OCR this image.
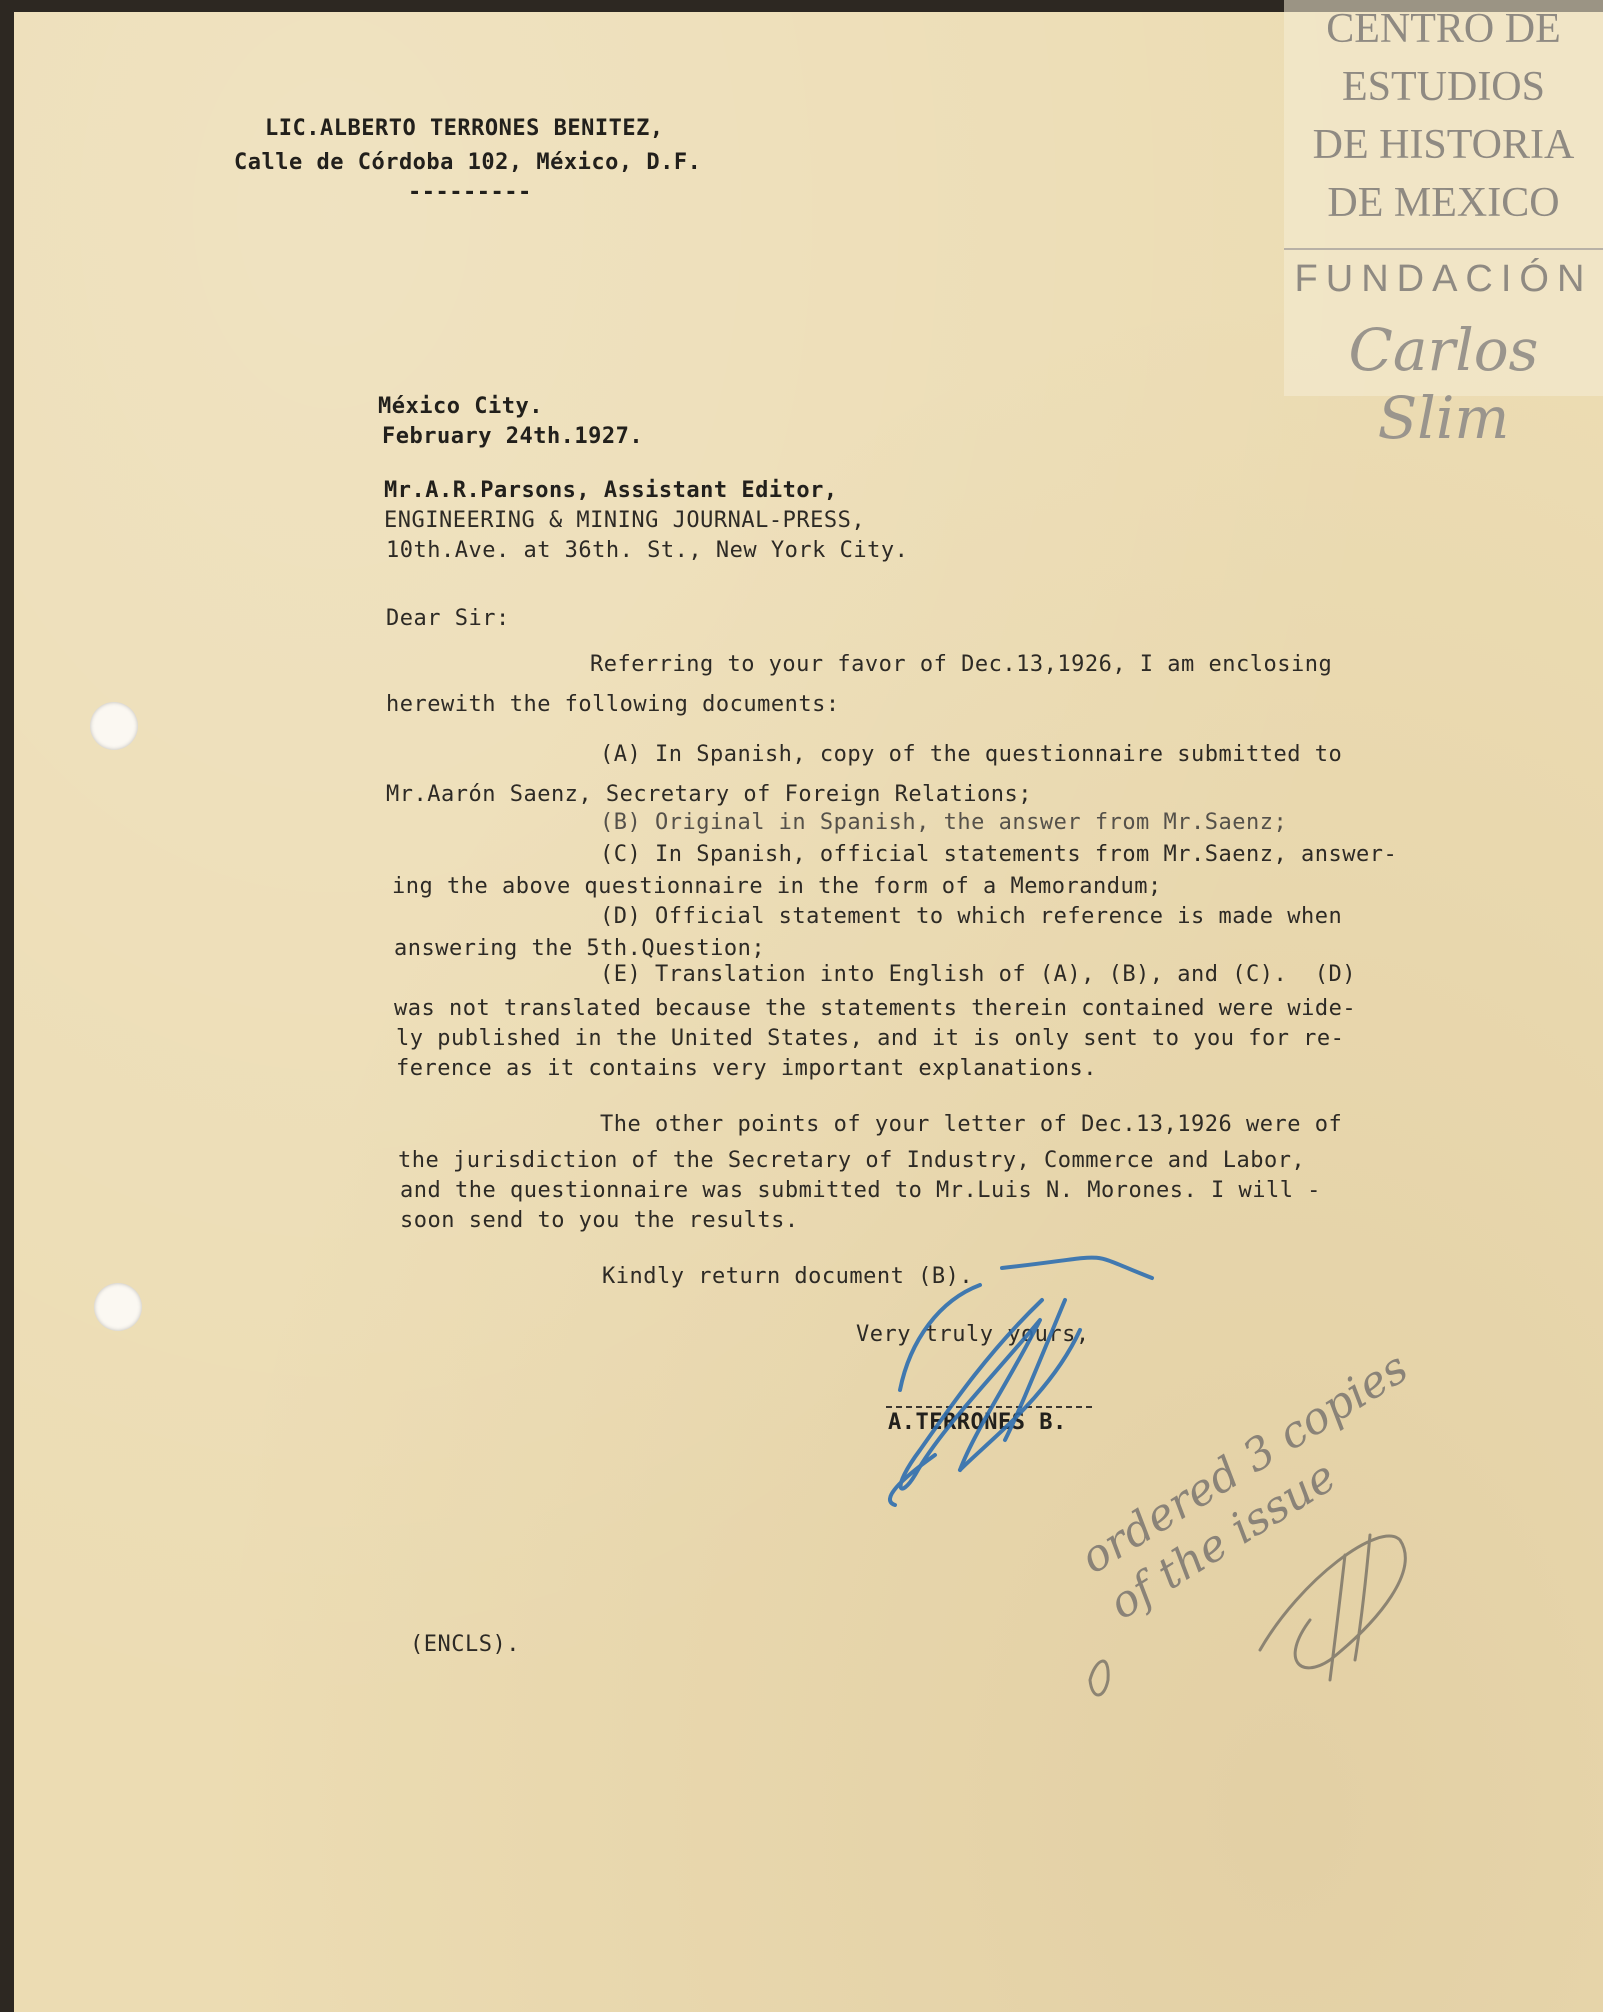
LIC.ALBERTO TERRONES BENITEZ,
Calle de Córdoba 102, México, D.F.
---------
México City.
February 24th.1927.
Mr.A.R.Parsons, Assistant Editor,
ENGINEERING & MINING JOURNAL-PRESS,
10th.Ave. at 36th. St., New York City.
Dear Sir:
Referring to your favor of Dec.13,1926, I am enclosing
herewith the following documents:
(A) In Spanish, copy of the questionnaire submitted to
Mr.Aarón Saenz, Secretary of Foreign Relations;
(B) Original in Spanish, the answer from Mr.Saenz;
(C) In Spanish, official statements from Mr.Saenz, answer-
ing the above questionnaire in the form of a Memorandum;
(D) Official statement to which reference is made when
answering the 5th.Question;
(E) Translation into English of (A), (B), and (C).  (D)
was not translated because the statements therein contained were wide-
ly published in the United States, and it is only sent to you for re-
ference as it contains very important explanations.
The other points of your letter of Dec.13,1926 were of
the jurisdiction of the Secretary of Industry, Commerce and Labor,
and the questionnaire was submitted to Mr.Luis N. Morones. I will -
soon send to you the results.
Kindly return document (B).
Very truly yours,
A.TERRONES B.
(ENCLS).
CENTRO DE
ESTUDIOS
DE HISTORIA
DE MEXICO
FUNDACIÓN
Carlos Slim
ordered 3 copies of the issue
